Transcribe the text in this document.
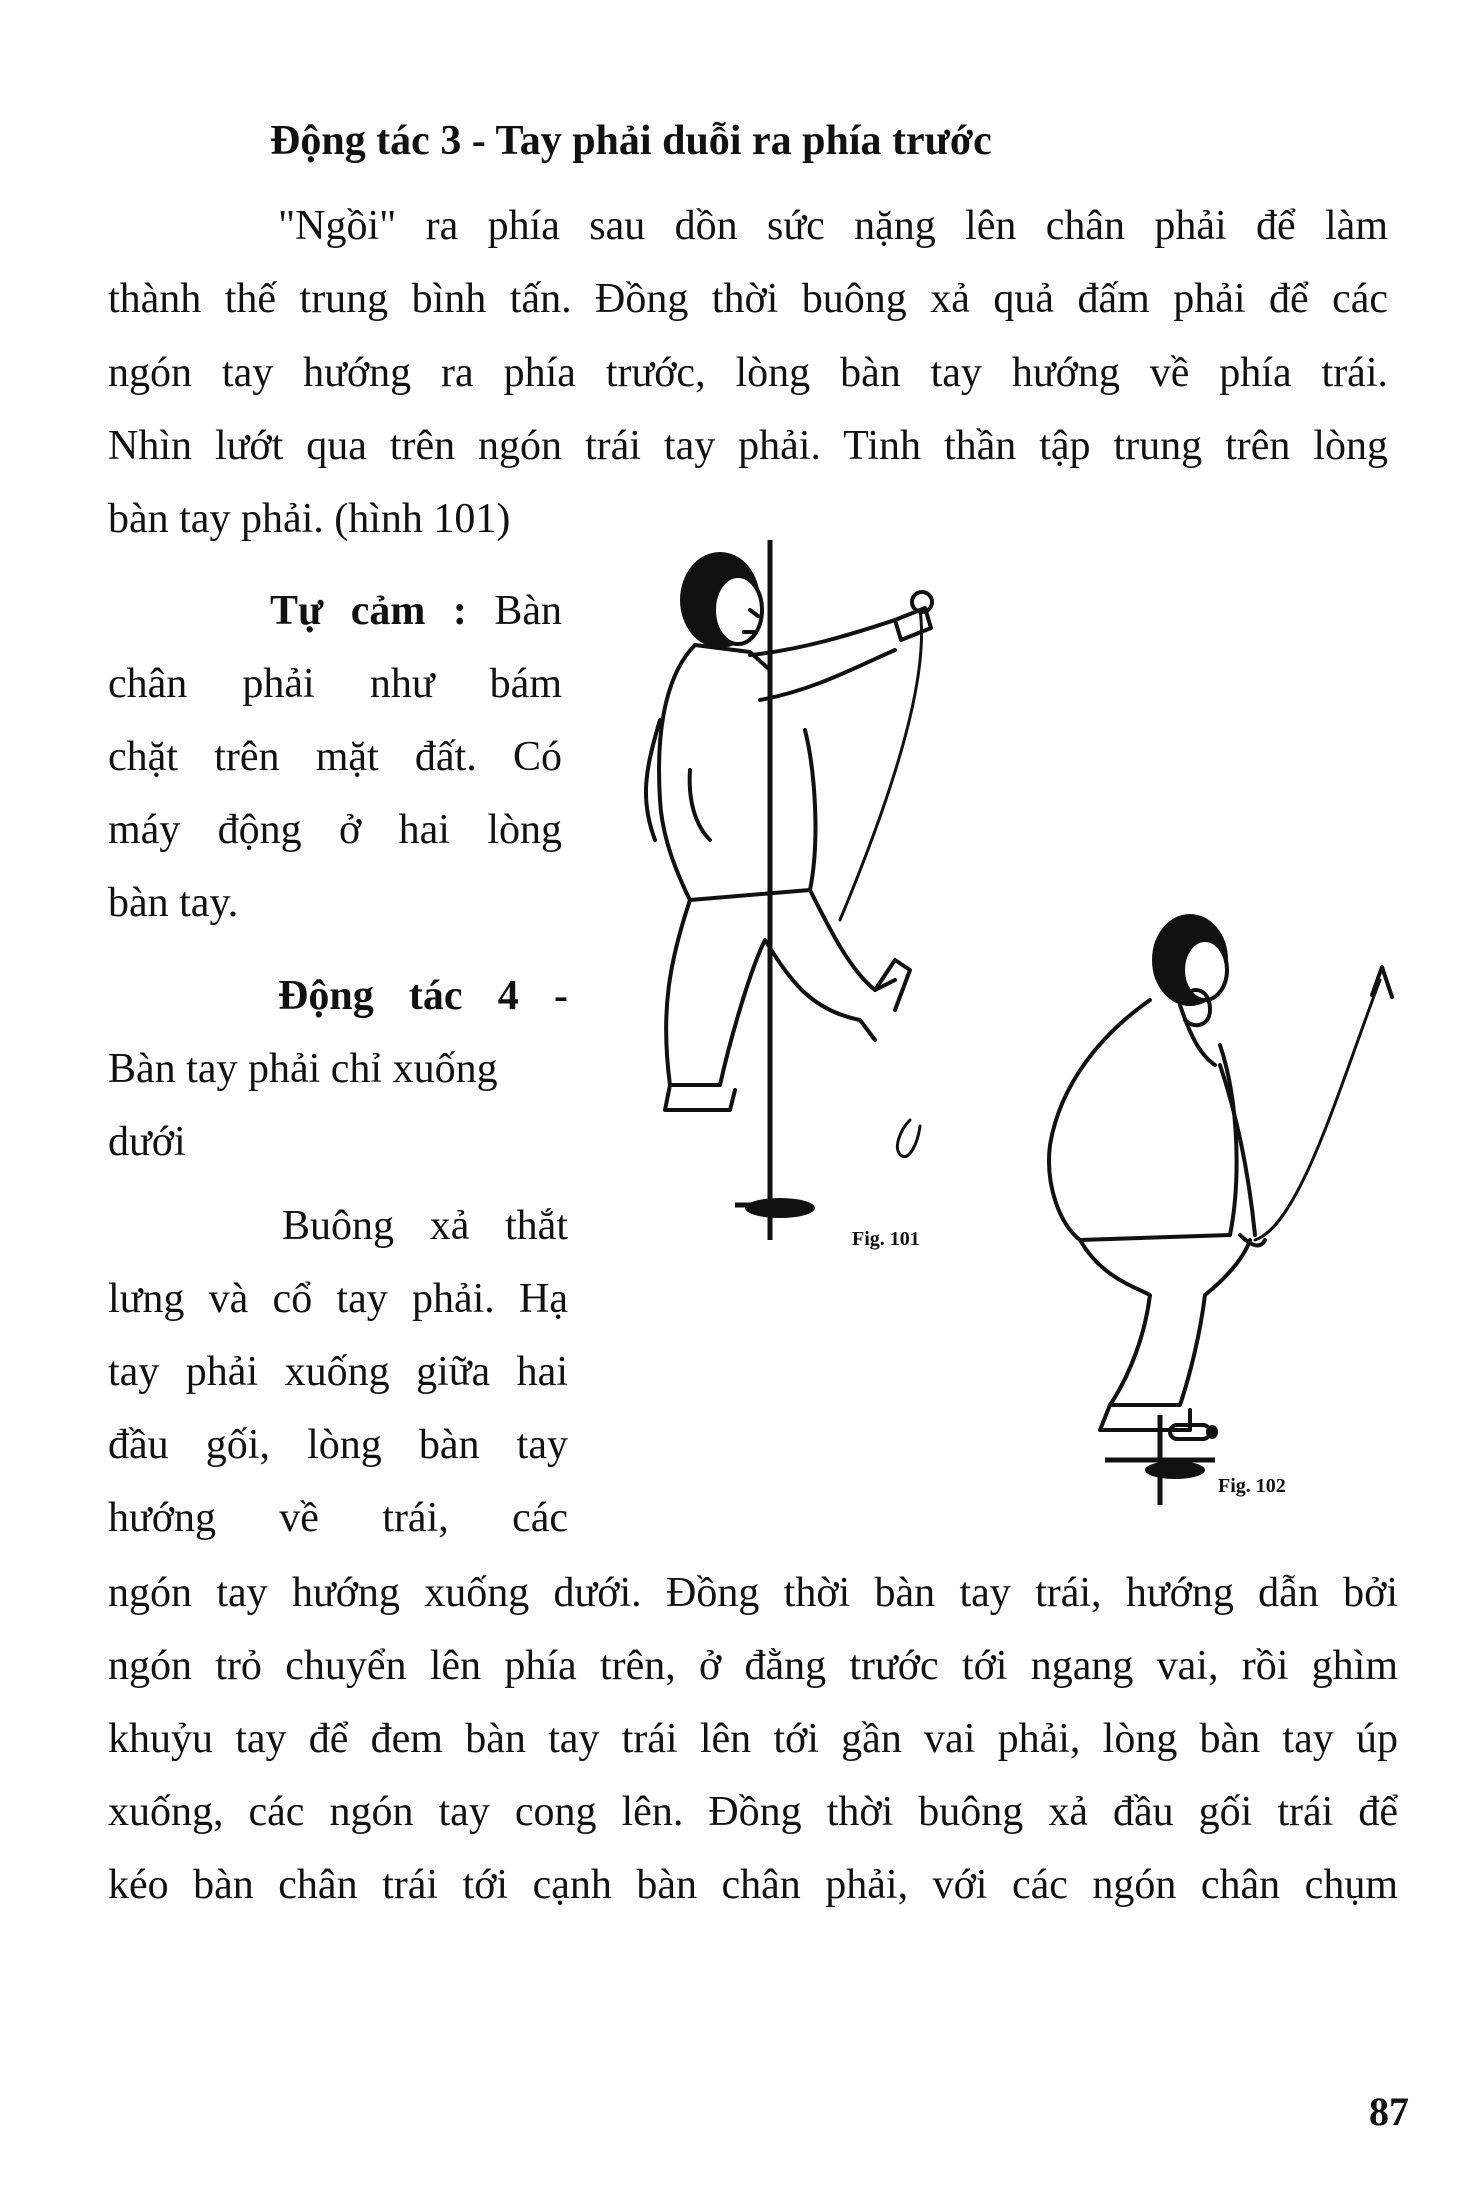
Động tác 3 - Tay phải duỗi ra phía trước
"Ngồi" ra phía sau dồn sức nặng lên chân phải để làm
thành thế trung bình tấn. Đồng thời buông xả quả đấm phải để các
ngón tay hướng ra phía trước, lòng bàn tay hướng về phía trái.
Nhìn lướt qua trên ngón trái tay phải. Tinh thần tập trung trên lòng
bàn tay phải. (hình 101)
Tự cảm : Bàn
chân phải như bám
chặt trên mặt đất. Có
máy động ở hai lòng
bàn tay.
Động tác 4 -
Bàn tay phải chỉ xuống
dưới
Buông xả thắt
lưng và cổ tay phải. Hạ
tay phải xuống giữa hai
đầu gối, lòng bàn tay
hướng về trái, các
ngón tay hướng xuống dưới. Đồng thời bàn tay trái, hướng dẫn bởi
ngón trỏ chuyển lên phía trên, ở đằng trước tới ngang vai, rồi ghìm
khuỷu tay để đem bàn tay trái lên tới gần vai phải, lòng bàn tay úp
xuống, các ngón tay cong lên. Đồng thời buông xả đầu gối trái để
kéo bàn chân trái tới cạnh bàn chân phải, với các ngón chân chụm
Fig. 101
Fig. 102
87
